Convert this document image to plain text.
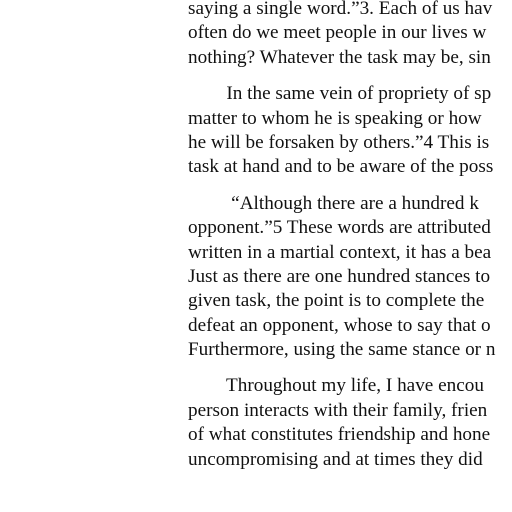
saying a single word.”3. Each of us hav
often do we meet people in our lives w
nothing? Whatever the task may be, sin
In the same vein of propriety of sp
matter to whom he is speaking or how
he will be forsaken by others.”4 This is
task at hand and to be aware of the poss
“Although there are a hundred k
opponent.”5 These words are attributed
written in a martial context, it has a bea
Just as there are one hundred stances to
given task, the point is to complete the
defeat an opponent, whose to say that o
Furthermore, using the same stance or n
Throughout my life, I have encou
person interacts with their family, frien
of what constitutes friendship and hone
uncompromising and at times they did
